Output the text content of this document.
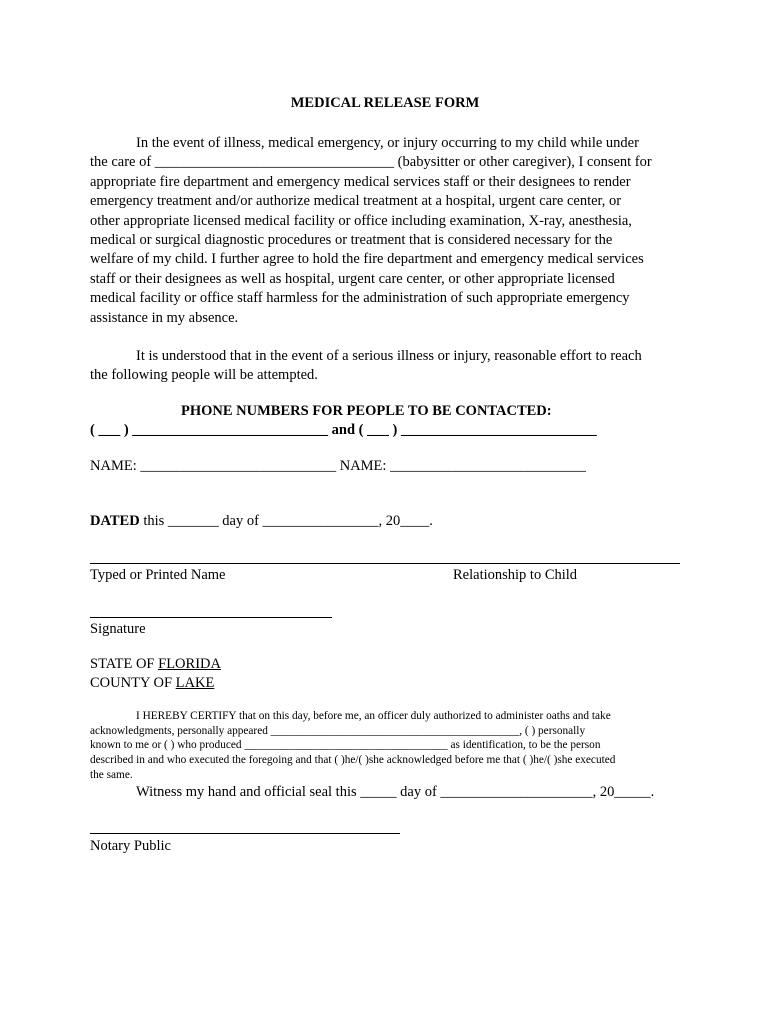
MEDICAL RELEASE FORM
In the event of illness, medical emergency, or injury occurring to my child while under
the care of _________________________________ (babysitter or other caregiver), I consent for
appropriate fire department and emergency medical services staff or their designees to render
emergency treatment and/or authorize medical treatment at a hospital, urgent care center, or
other appropriate licensed medical facility or office including examination, X-ray, anesthesia,
medical or surgical diagnostic procedures or treatment that is considered necessary for the
welfare of my child. I further agree to hold the fire department and emergency medical services
staff or their designees as well as hospital, urgent care center, or other appropriate licensed
medical facility or office staff harmless for the administration of such appropriate emergency
assistance in my absence.
It is understood that in the event of a serious illness or injury, reasonable effort to reach
the following people will be attempted.
PHONE NUMBERS FOR PEOPLE TO BE CONTACTED:
( ___ ) ___________________________ and ( ___ ) ___________________________
NAME: ___________________________ NAME: ___________________________
DATED this _______ day of ________________, 20____.
Typed or Printed Name	Relationship to Child
Signature
STATE OF FLORIDA
COUNTY OF LAKE
I HEREBY CERTIFY that on this day, before me, an officer duly authorized to administer oaths and take
acknowledgments, personally appeared ____________________________________________, ( ) personally
known to me or ( ) who produced ____________________________________ as identification, to be the person
described in and who executed the foregoing and that ( )he/( )she acknowledged before me that ( )he/( )she executed
the same.
Witness my hand and official seal this _____ day of _____________________, 20_____.
Notary Public
